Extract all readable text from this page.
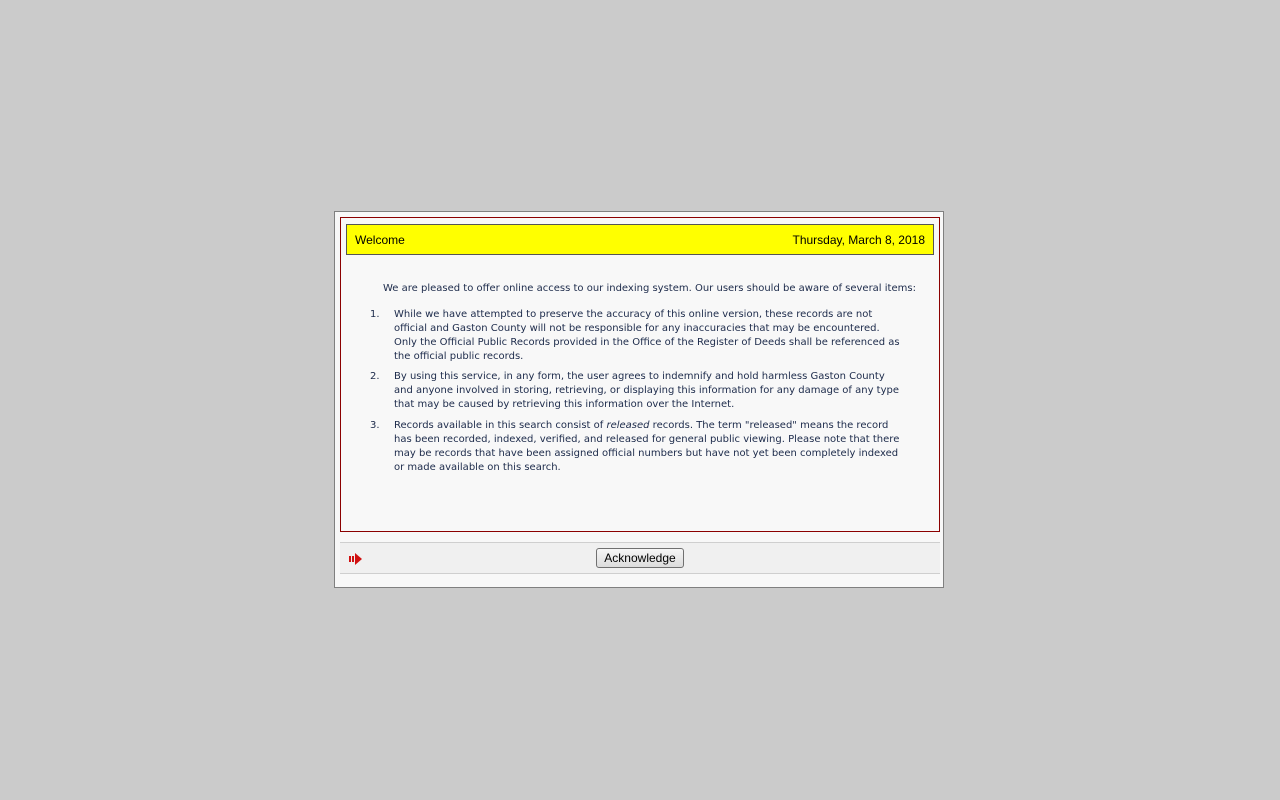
Welcome	Thursday, March 8, 2018
We are pleased to offer online access to our indexing system. Our users should be aware of several items:
1. While we have attempted to preserve the accuracy of this online version, these records are not
official and Gaston County will not be responsible for any inaccuracies that may be encountered.
Only the Official Public Records provided in the Office of the Register of Deeds shall be referenced as
the official public records.
2. By using this service, in any form, the user agrees to indemnify and hold harmless Gaston County
and anyone involved in storing, retrieving, or displaying this information for any damage of any type
that may be caused by retrieving this information over the Internet.
3. Records available in this search consist of released records. The term "released" means the record
has been recorded, indexed, verified, and released for general public viewing. Please note that there
may be records that have been assigned official numbers but have not yet been completely indexed
or made available on this search.
Acknowledge
